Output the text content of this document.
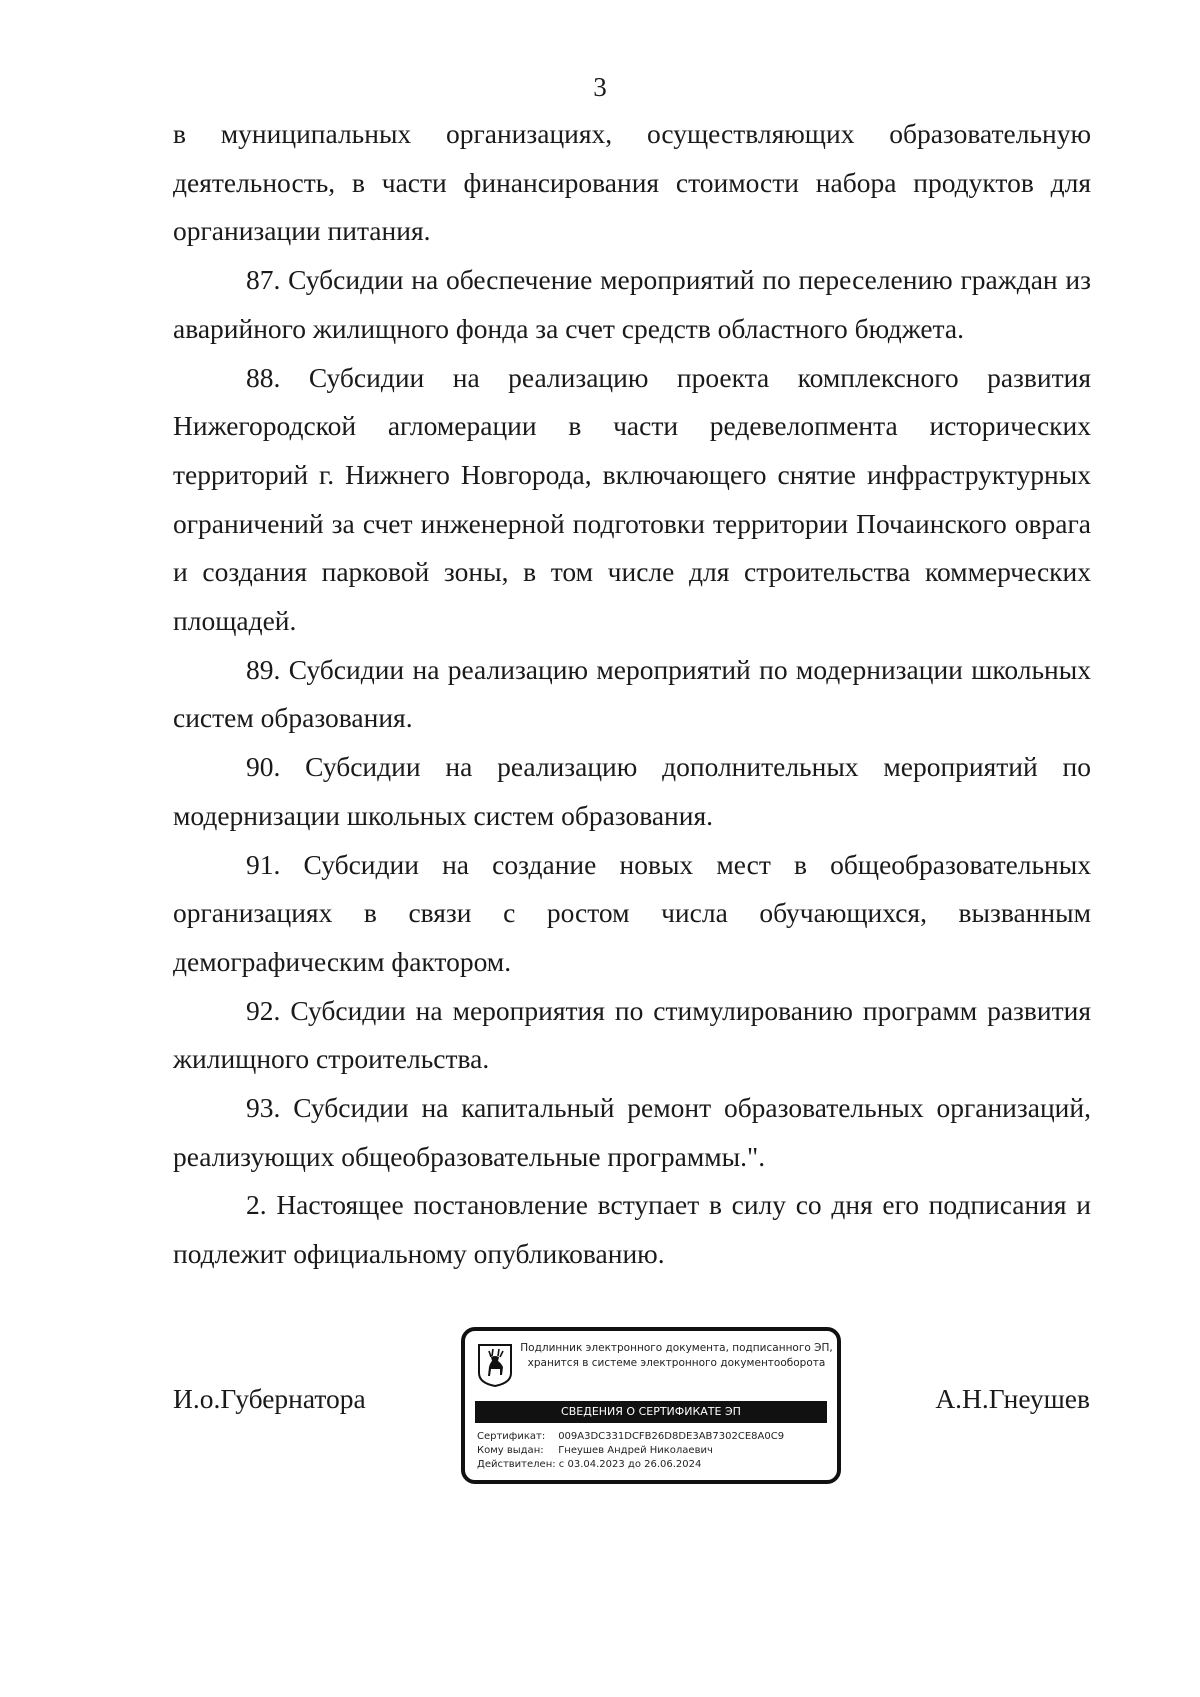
3

в муниципальных организациях, осуществляющих образовательную деятельность, в части финансирования стоимости набора продуктов для организации питания.

87. Субсидии на обеспечение мероприятий по переселению граждан из аварийного жилищного фонда за счет средств областного бюджета.

88. Субсидии на реализацию проекта комплексного развития Нижегородской агломерации в части редевелопмента исторических территорий г. Нижнего Новгорода, включающего снятие инфраструктурных ограничений за счет инженерной подготовки территории Почаинского оврага и создания парковой зоны, в том числе для строительства коммерческих площадей.

89. Субсидии на реализацию мероприятий по модернизации школьных систем образования.

90. Субсидии на реализацию дополнительных мероприятий по модернизации школьных систем образования.

91. Субсидии на создание новых мест в общеобразовательных организациях в связи с ростом числа обучающихся, вызванным демографическим фактором.

92. Субсидии на мероприятия по стимулированию программ развития жилищного строительства.

93. Субсидии на капитальный ремонт образовательных организаций, реализующих общеобразовательные программы.".

2. Настоящее постановление вступает в силу со дня его подписания и подлежит официальному опубликованию.

И.о.Губернатора	А.Н.Гнеушев
Подлинник электронного документа, подписанного ЭП,
хранится в системе электронного документооборота
СВЕДЕНИЯ О СЕРТИФИКАТЕ ЭП
Сертификат: 009A3DC331DCFB26D8DE3AB7302CE8A0C9
Кому выдан: Гнеушев Андрей Николаевич
Действителен: с 03.04.2023 до 26.06.2024
